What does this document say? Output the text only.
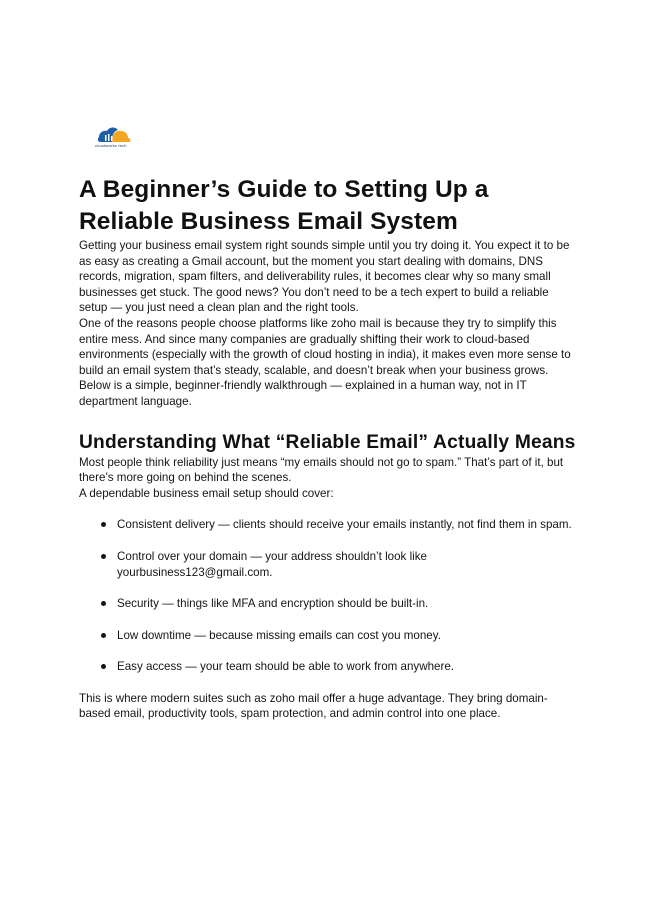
cloudworks tech
A Beginner’s Guide to Setting Up a
Reliable Business Email System

Getting your business email system right sounds simple until you try doing it. You expect it to be as easy as creating a Gmail account, but the moment you start dealing with domains, DNS records, migration, spam filters, and deliverability rules, it becomes clear why so many small businesses get stuck. The good news? You don’t need to be a tech expert to build a reliable setup — you just need a clean plan and the right tools.

One of the reasons people choose platforms like zoho mail is because they try to simplify this entire mess. And since many companies are gradually shifting their work to cloud-based environments (especially with the growth of cloud hosting in india), it makes even more sense to build an email system that’s steady, scalable, and doesn’t break when your business grows.

Below is a simple, beginner-friendly walkthrough — explained in a human way, not in IT department language.

Understanding What “Reliable Email” Actually Means

Most people think reliability just means “my emails should not go to spam.” That’s part of it, but there’s more going on behind the scenes.

A dependable business email setup should cover:

Consistent delivery — clients should receive your emails instantly, not find them in spam.
Control over your domain — your address shouldn’t look like yourbusiness123@gmail.com.
Security — things like MFA and encryption should be built-in.
Low downtime — because missing emails can cost you money.
Easy access — your team should be able to work from anywhere.

This is where modern suites such as zoho mail offer a huge advantage. They bring domain-based email, productivity tools, spam protection, and admin control into one place.
